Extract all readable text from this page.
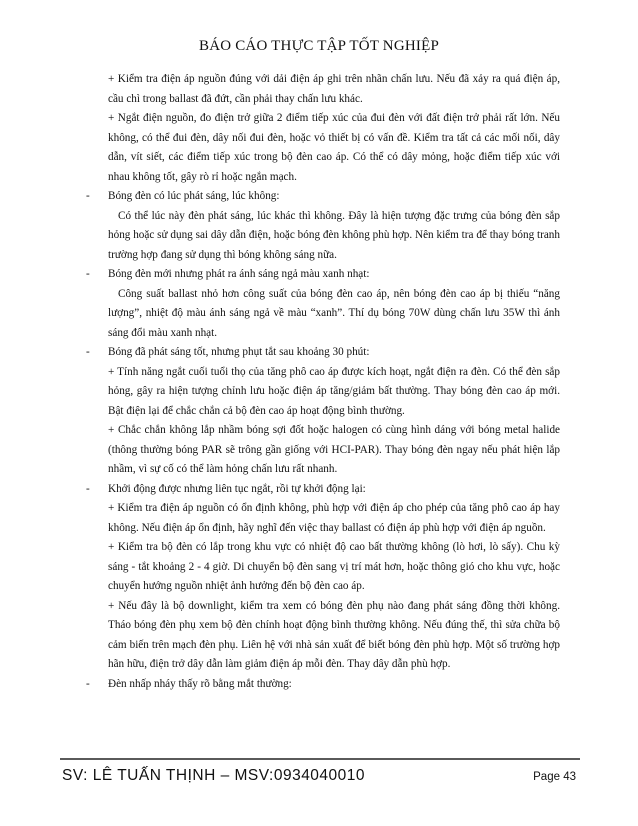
BÁO CÁO THỰC TẬP TỐT NGHIỆP

+ Kiểm tra điện áp nguồn đúng với dải điện áp ghi trên nhãn chấn lưu. Nếu đã xảy ra quá điện áp, cầu chì trong ballast đã đứt, cần phải thay chấn lưu khác.

+ Ngắt điện nguồn, đo điện trở giữa 2 điểm tiếp xúc của đui đèn với đất điện trở phải rất lớn. Nếu không, có thể đui đèn, dây nối đui đèn, hoặc vỏ thiết bị có vấn đề. Kiểm tra tất cả các mối nối, dây dẫn, vít siết, các điểm tiếp xúc trong bộ đèn cao áp. Có thể có dây mỏng, hoặc điểm tiếp xúc với nhau không tốt, gây rò rỉ hoặc ngắn mạch.

-	Bóng đèn có lúc phát sáng, lúc không:

Có thể lúc này đèn phát sáng, lúc khác thì không. Đây là hiện tượng đặc trưng của bóng đèn sắp hỏng hoặc sử dụng sai dây dẫn điện, hoặc bóng đèn không phù hợp. Nên kiểm tra để thay bóng tranh trường hợp đang sử dụng thì bóng không sáng nữa.

-	Bóng đèn mới nhưng phát ra ánh sáng ngả màu xanh nhạt:

Công suất ballast nhỏ hơn công suất của bóng đèn cao áp, nên bóng đèn cao áp bị thiếu “năng lượng”, nhiệt độ màu ánh sáng ngả về màu “xanh”. Thí dụ bóng 70W dùng chấn lưu 35W thì ánh sáng đổi màu xanh nhạt.

-	Bóng đã phát sáng tốt, nhưng phụt tắt sau khoảng 30 phút:

+ Tính năng ngắt cuối tuổi thọ của tăng phô cao áp được kích hoạt, ngắt điện ra đèn. Có thể đèn sắp hỏng, gây ra hiện tượng chỉnh lưu hoặc điện áp tăng/giảm bất thường. Thay bóng đèn cao áp mới. Bật điện lại để chắc chắn cả bộ đèn cao áp hoạt động bình thường.

+ Chắc chắn không lắp nhầm bóng sợi đốt hoặc halogen có cùng hình dáng với bóng metal halide (thông thường bóng PAR sẽ trông gần giống với HCI-PAR). Thay bóng đèn ngay nếu phát hiện lắp nhầm, vì sự cố có thể làm hỏng chấn lưu rất nhanh.

-	Khởi động được nhưng liên tục ngắt, rồi tự khởi động lại:

+ Kiểm tra điện áp nguồn có ổn định không, phù hợp với điện áp cho phép của tăng phô cao áp hay không. Nếu điện áp ổn định, hãy nghĩ đến việc thay ballast có điện áp phù hợp với điện áp nguồn.

+ Kiểm tra bộ đèn có lắp trong khu vực có nhiệt độ cao bất thường không (lò hơi, lò sấy). Chu kỳ sáng - tắt khoảng 2 - 4 giờ. Di chuyển bộ đèn sang vị trí mát hơn, hoặc thông gió cho khu vực, hoặc chuyển hướng nguồn nhiệt ảnh hưởng đến bộ đèn cao áp.

+ Nếu đây là bộ downlight, kiểm tra xem có bóng đèn phụ nào đang phát sáng đồng thời không. Tháo bóng đèn phụ xem bộ đèn chính hoạt động bình thường không. Nếu đúng thế, thì sửa chữa bộ cảm biến trên mạch đèn phụ. Liên hệ với nhà sản xuất để biết bóng đèn phù hợp. Một số trường hợp hãn hữu, điện trở dây dẫn làm giảm điện áp mỗi đèn. Thay dây dẫn phù hợp.

-	Đèn nhấp nháy thấy rõ bằng mắt thường:
SV: LÊ TUẤN THỊNH – MSV:0934040010	Page 43
